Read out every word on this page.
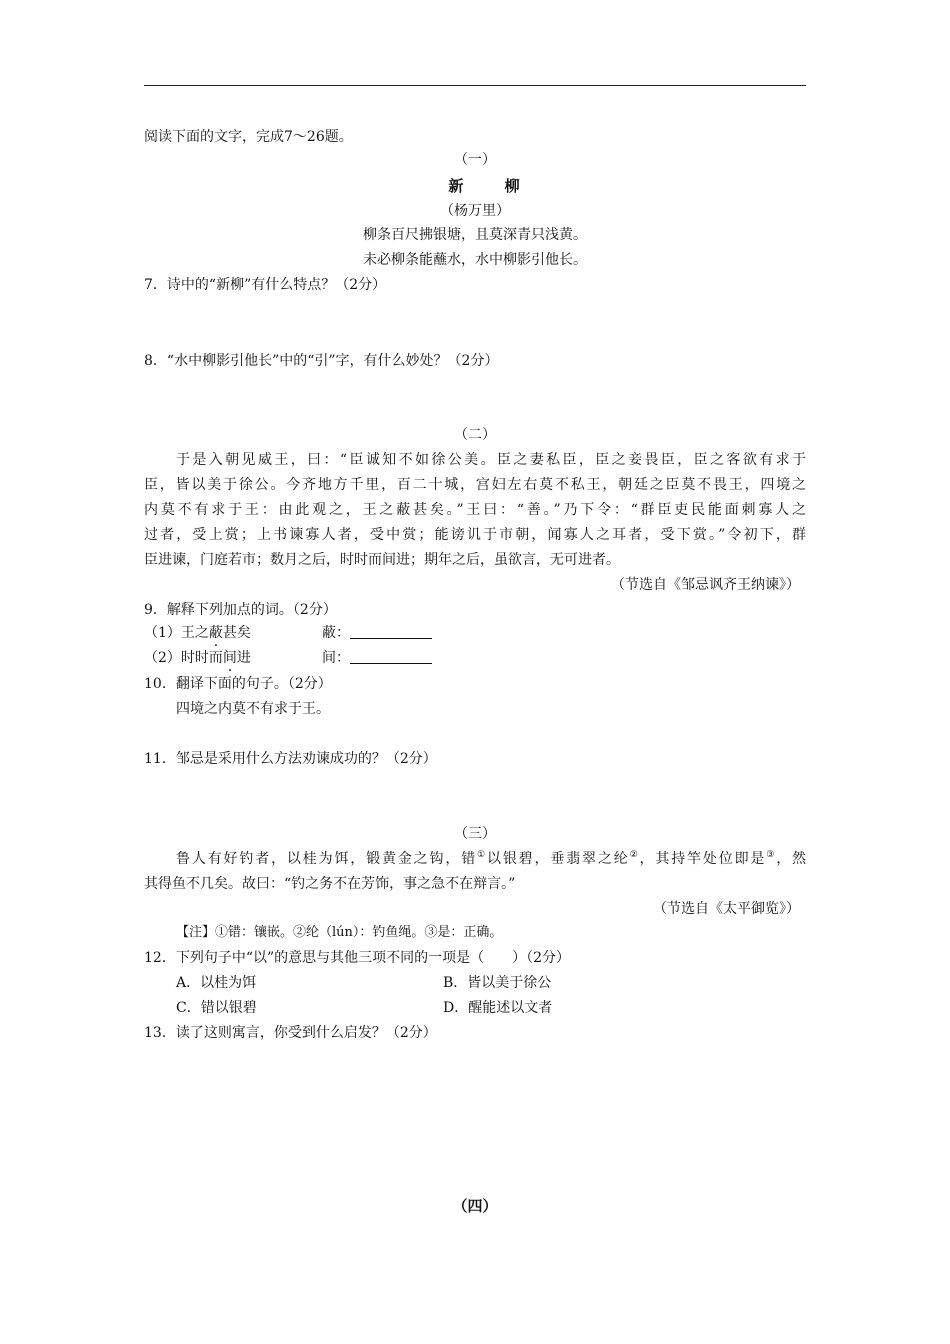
阅读下面的文字，完成7～26题。
（一）
新 柳
（杨万里）
柳条百尺拂银塘，且莫深青只浅黄。
未必柳条能蘸水，水中柳影引他长。
7．诗中的“新柳”有什么特点？（2分）
8．“水中柳影引他长”中的“引”字，有什么妙处？（2分）
（二）
于是入朝见威王，曰：“臣诚知不如徐公美。臣之妻私臣，臣之妾畏臣，臣之客欲有求于
臣，皆以美于徐公。今齐地方千里，百二十城，宫妇左右莫不私王，朝廷之臣莫不畏王，四境之
内莫不有求于王：由此观之，王之蔽甚矣。”王曰：“善。”乃下令：“群臣吏民能面刺寡人之
过者，受上赏；上书谏寡人者，受中赏；能谤讥于市朝，闻寡人之耳者，受下赏。”令初下，群
臣进谏，门庭若市；数月之后，时时而间进；期年之后，虽欲言，无可进者。
（节选自《邹忌讽齐王纳谏》）
9．解释下列加点的词。（2分）
（1）王之蔽甚矣	蔽：
（2）时时而间进	间：
10．翻译下面的句子。（2分）
四境之内莫不有求于王。
11．邹忌是采用什么方法劝谏成功的？（2分）
（三）
鲁人有好钓者，以桂为饵，锻黄金之钩，错①以银碧，垂翡翠之纶②，其持竿处位即是③，然
其得鱼不几矣。故曰：“钓之务不在芳饰，事之急不在辩言。”
（节选自《太平御览》）
【注】①错：镶嵌。②纶（lún）：钓鱼绳。③是：正确。
12．下列句子中“以”的意思与其他三项不同的一项是（　　）（2分）
A．以桂为饵	B．皆以美于徐公
C．错以银碧	D．醒能述以文者
13．读了这则寓言，你受到什么启发？（2分）
（四）
